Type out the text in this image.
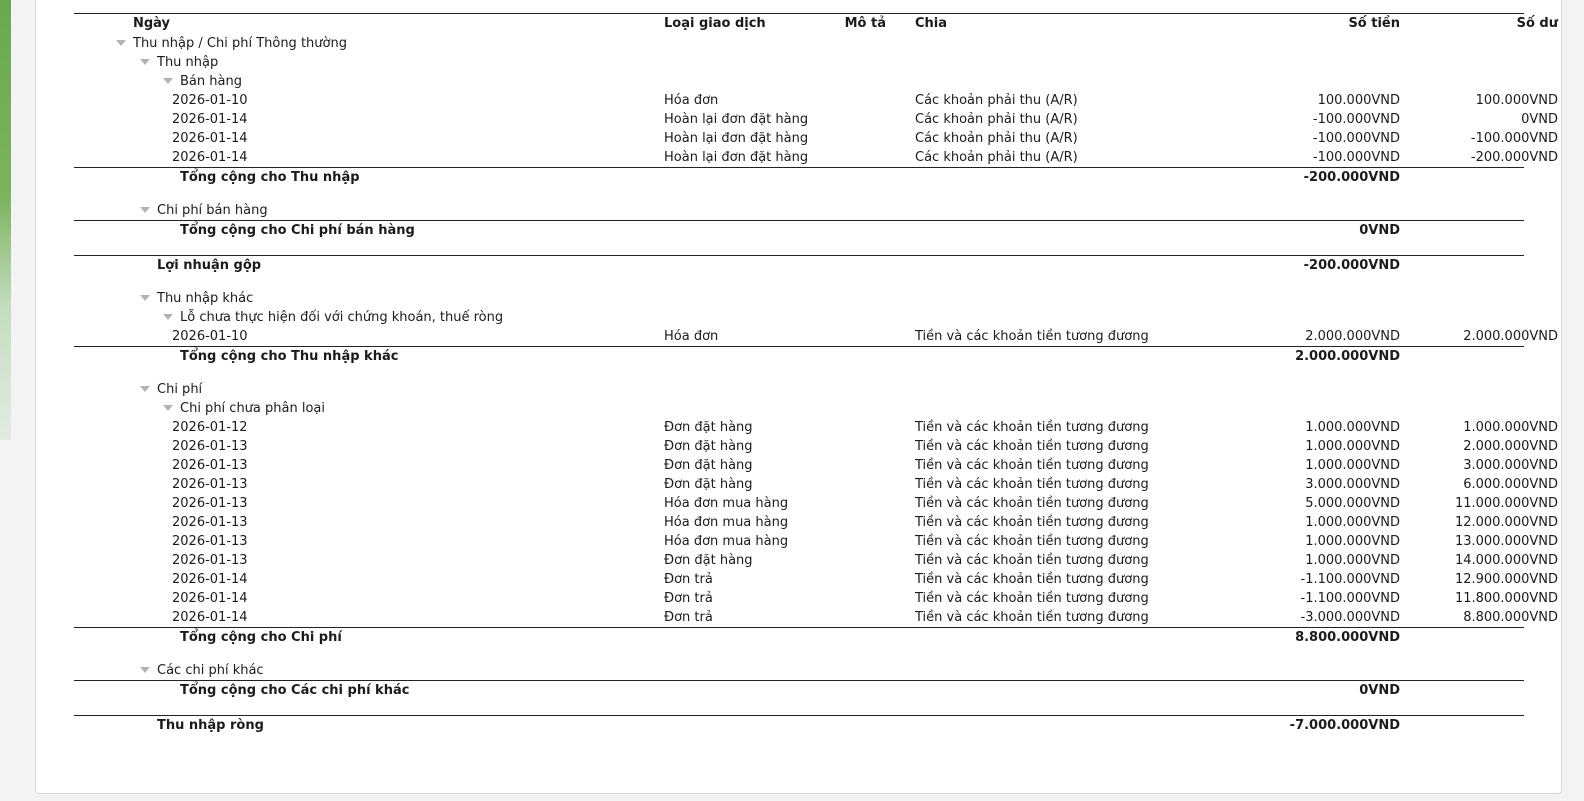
Ngày	Loại giao dịch	Mô tả Chia	Số tiền	Số dư
Thu nhập / Chi phí Thông thường
Thu nhập
Bán hàng
2026-01-10	Hóa đơn	Các khoản phải thu (A/R)	100.000VND	100.000VND
2026-01-14	Hoàn lại đơn đặt hàng	Các khoản phải thu (A/R)	-100.000VND	0VND
2026-01-14	Hoàn lại đơn đặt hàng	Các khoản phải thu (A/R)	-100.000VND	-100.000VND
2026-01-14	Hoàn lại đơn đặt hàng	Các khoản phải thu (A/R)	-100.000VND	-200.000VND
Tổng cộng cho Thu nhập	-200.000VND
Chi phí bán hàng
Tổng cộng cho Chi phí bán hàng	0VND
Lợi nhuận gộp	-200.000VND
Thu nhập khác
Lỗ chưa thực hiện đối với chứng khoán, thuế ròng
2026-01-10	Hóa đơn	Tiền và các khoản tiền tương đương	2.000.000VND	2.000.000VND
Tổng cộng cho Thu nhập khác	2.000.000VND
Chi phí
Chi phí chưa phân loại
2026-01-12	Đơn đặt hàng	Tiền và các khoản tiền tương đương	1.000.000VND	1.000.000VND
2026-01-13	Đơn đặt hàng	Tiền và các khoản tiền tương đương	1.000.000VND	2.000.000VND
2026-01-13	Đơn đặt hàng	Tiền và các khoản tiền tương đương	1.000.000VND	3.000.000VND
2026-01-13	Đơn đặt hàng	Tiền và các khoản tiền tương đương	3.000.000VND	6.000.000VND
2026-01-13	Hóa đơn mua hàng	Tiền và các khoản tiền tương đương	5.000.000VND	11.000.000VND
2026-01-13	Hóa đơn mua hàng	Tiền và các khoản tiền tương đương	1.000.000VND	12.000.000VND
2026-01-13	Hóa đơn mua hàng	Tiền và các khoản tiền tương đương	1.000.000VND	13.000.000VND
2026-01-13	Đơn đặt hàng	Tiền và các khoản tiền tương đương	1.000.000VND	14.000.000VND
2026-01-14	Đơn trả	Tiền và các khoản tiền tương đương	-1.100.000VND	12.900.000VND
2026-01-14	Đơn trả	Tiền và các khoản tiền tương đương	-1.100.000VND	11.800.000VND
2026-01-14	Đơn trả	Tiền và các khoản tiền tương đương	-3.000.000VND	8.800.000VND
Tổng cộng cho Chi phí	8.800.000VND
Các chi phí khác
Tổng cộng cho Các chi phí khác	0VND
Thu nhập ròng	-7.000.000VND
